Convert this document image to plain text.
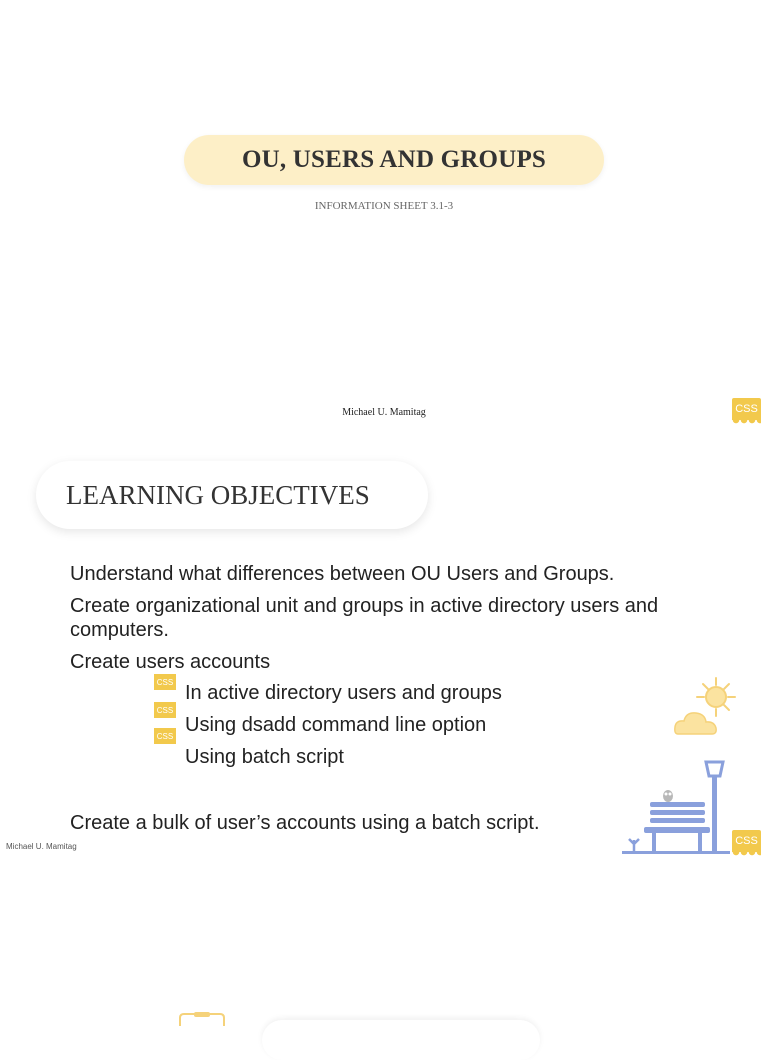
OU, USERS AND GROUPS
INFORMATION SHEET 3.1-3
Michael U. Mamitag	CSS
LEARNING OBJECTIVES
Understand what differences between OU Users and Groups.
Create organizational unit and groups in active directory users and computers.
Create users accounts
CSS In active directory users and groups
CSS
Using dsadd command line option
CSS
Using batch script
Create a bulk of user’s accounts using a batch script.
Michael U. Mamitag	CSS
